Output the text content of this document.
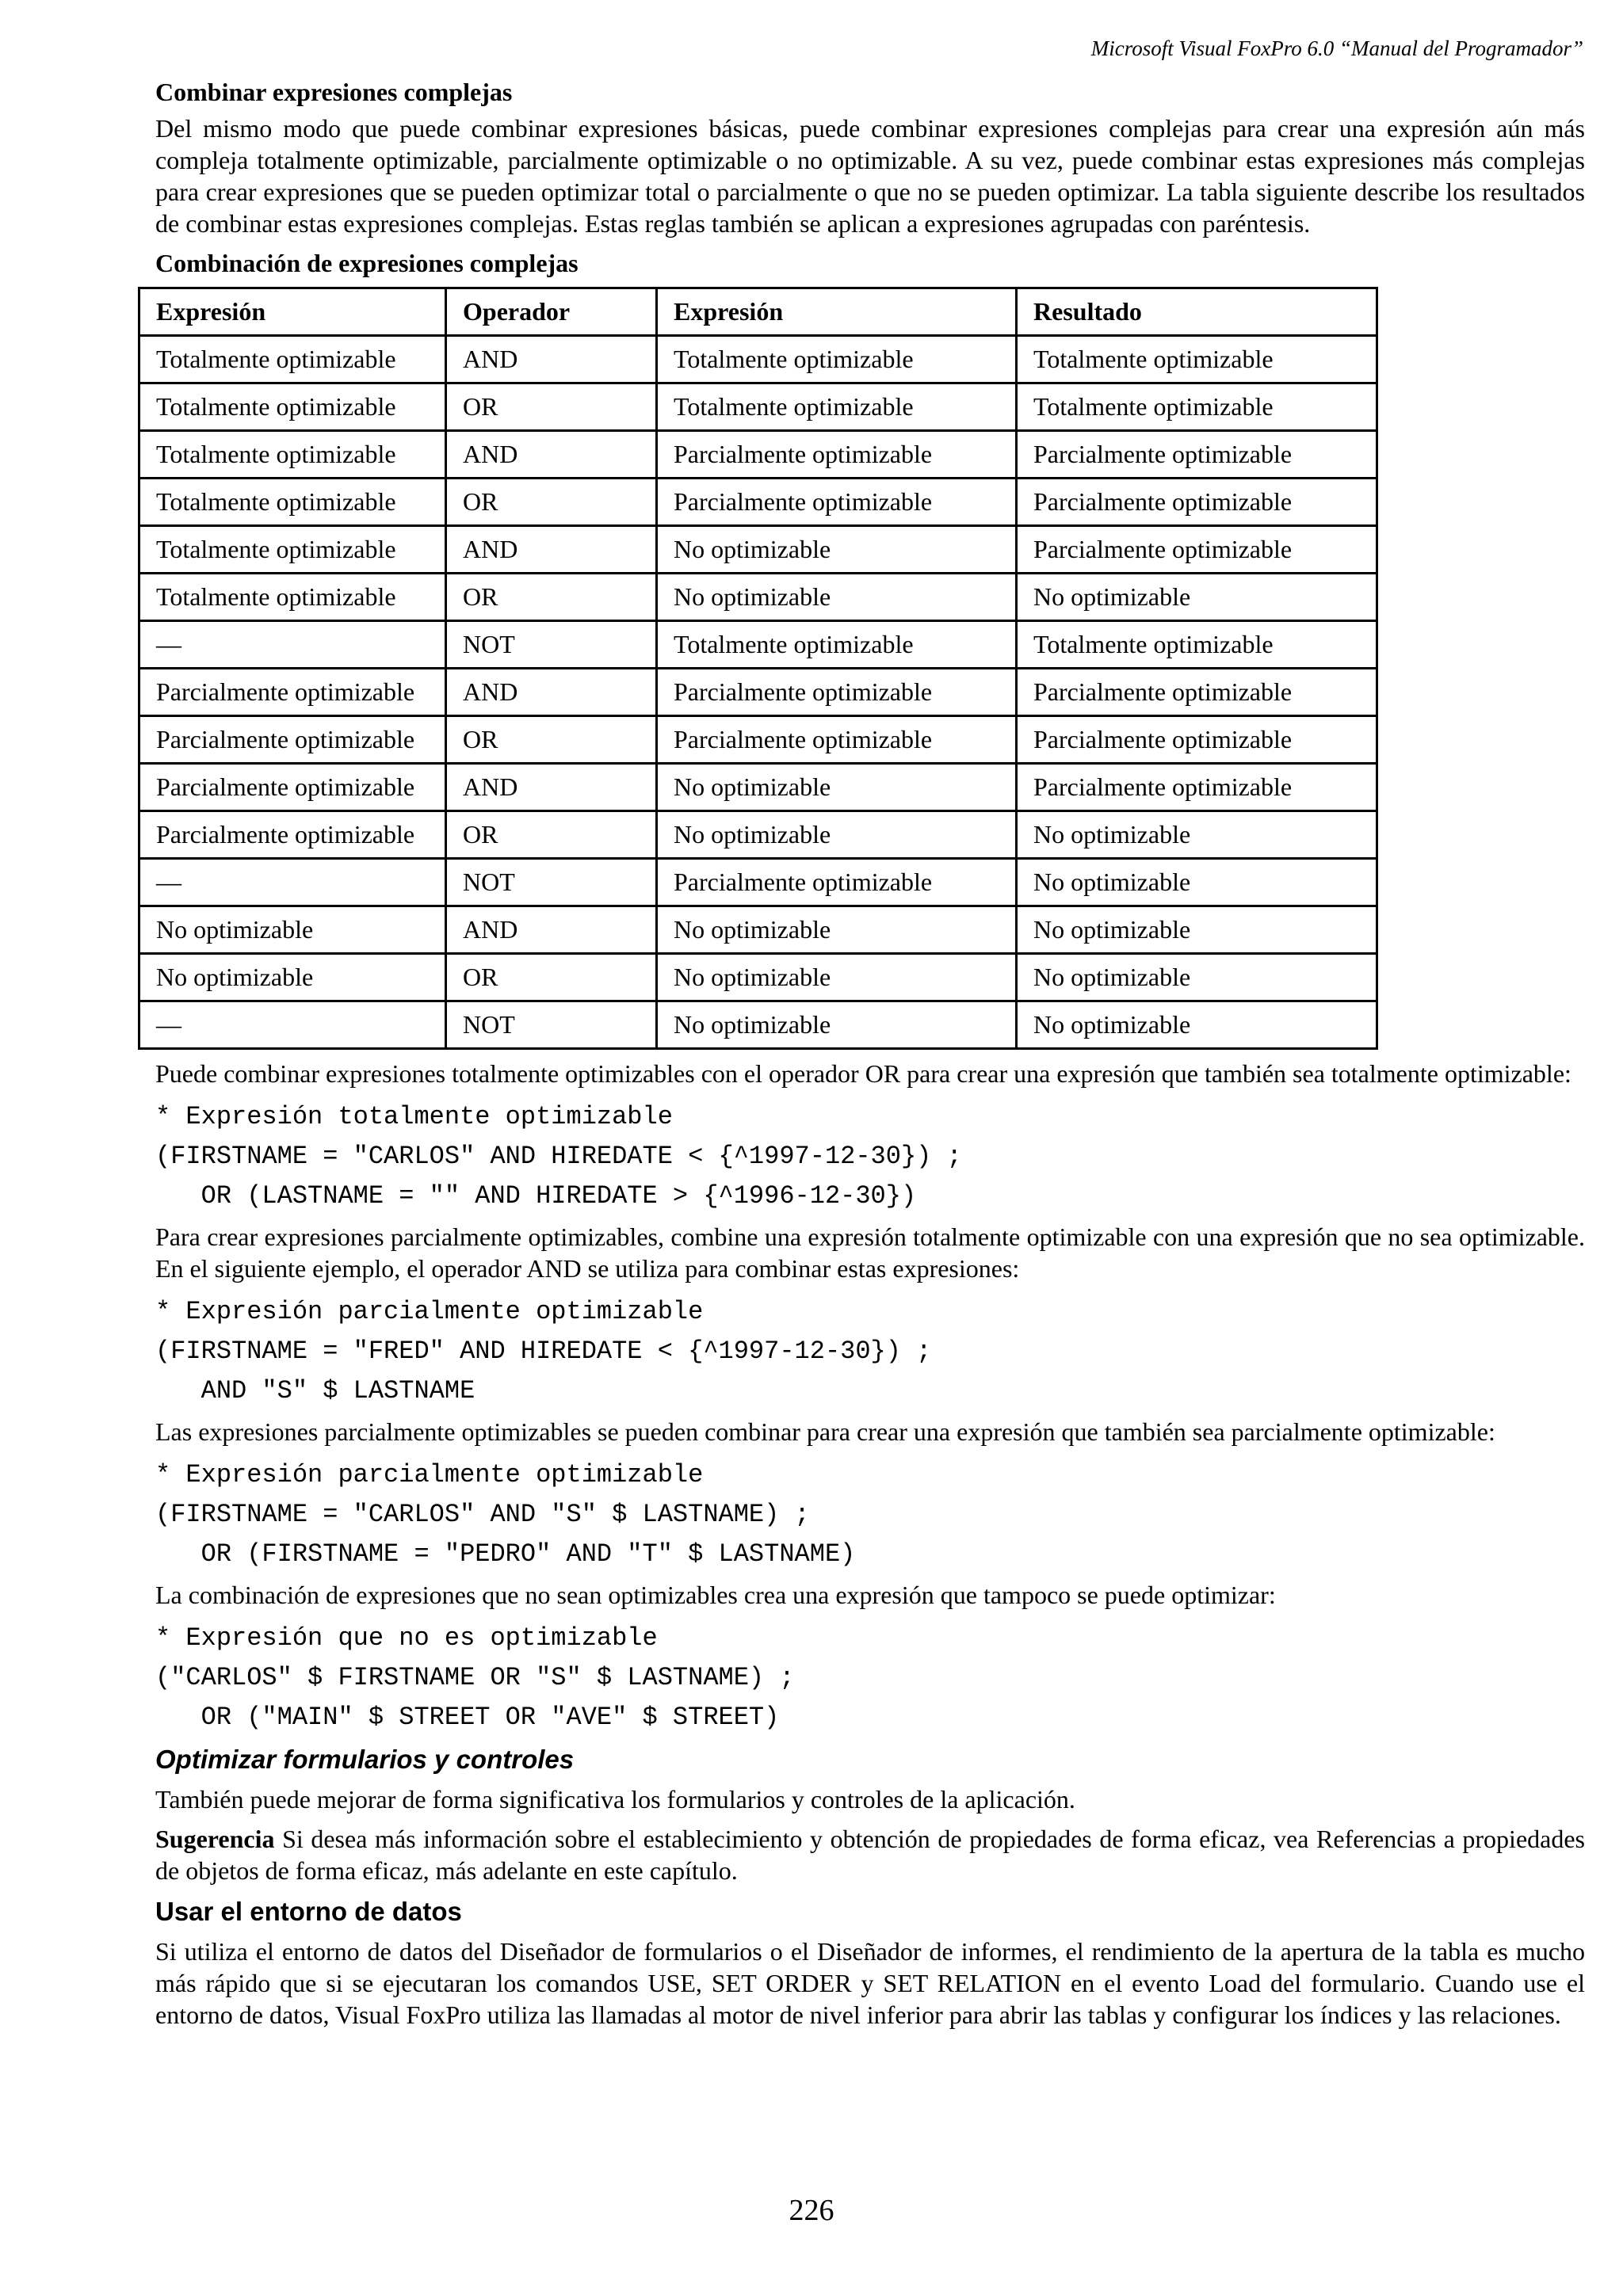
Microsoft Visual FoxPro 6.0 “Manual del Programador”
Combinar expresiones complejas

Del mismo modo que puede combinar expresiones básicas, puede combinar expresiones complejas para crear una expresión aún más compleja totalmente optimizable, parcialmente optimizable o no optimizable. A su vez, puede combinar estas expresiones más complejas para crear expresiones que se pueden optimizar total o parcialmente o que no se pueden optimizar. La tabla siguiente describe los resultados de combinar estas expresiones complejas. Estas reglas también se aplican a expresiones agrupadas con paréntesis.

Combinación de expresiones complejas
Expresión	Operador	Expresión	Resultado
Totalmente optimizable	AND	Totalmente optimizable	Totalmente optimizable
Totalmente optimizable	OR	Totalmente optimizable	Totalmente optimizable
Totalmente optimizable	AND	Parcialmente optimizable	Parcialmente optimizable
Totalmente optimizable	OR	Parcialmente optimizable	Parcialmente optimizable
Totalmente optimizable	AND	No optimizable	Parcialmente optimizable
Totalmente optimizable	OR	No optimizable	No optimizable
—	NOT	Totalmente optimizable	Totalmente optimizable
Parcialmente optimizable	AND	Parcialmente optimizable	Parcialmente optimizable
Parcialmente optimizable	OR	Parcialmente optimizable	Parcialmente optimizable
Parcialmente optimizable	AND	No optimizable	Parcialmente optimizable
Parcialmente optimizable	OR	No optimizable	No optimizable
—	NOT	Parcialmente optimizable	No optimizable
No optimizable	AND	No optimizable	No optimizable
No optimizable	OR	No optimizable	No optimizable
—	NOT	No optimizable	No optimizable

Puede combinar expresiones totalmente optimizables con el operador OR para crear una expresión que también sea totalmente optimizable:

* Expresión totalmente optimizable
(FIRSTNAME = "CARLOS" AND HIREDATE < {^1997-12-30}) ;
OR (LASTNAME = "" AND HIREDATE > {^1996-12-30})

Para crear expresiones parcialmente optimizables, combine una expresión totalmente optimizable con una expresión que no sea optimizable. En el siguiente ejemplo, el operador AND se utiliza para combinar estas expresiones:

* Expresión parcialmente optimizable
(FIRSTNAME = "FRED" AND HIREDATE < {^1997-12-30}) ;
AND "S" $ LASTNAME

Las expresiones parcialmente optimizables se pueden combinar para crear una expresión que también sea parcialmente optimizable:

* Expresión parcialmente optimizable
(FIRSTNAME = "CARLOS" AND "S" $ LASTNAME) ;
OR (FIRSTNAME = "PEDRO" AND "T" $ LASTNAME)

La combinación de expresiones que no sean optimizables crea una expresión que tampoco se puede optimizar:

* Expresión que no es optimizable
("CARLOS" $ FIRSTNAME OR "S" $ LASTNAME) ;
OR ("MAIN" $ STREET OR "AVE" $ STREET)
Optimizar formularios y controles

También puede mejorar de forma significativa los formularios y controles de la aplicación.

Sugerencia Si desea más información sobre el establecimiento y obtención de propiedades de forma eficaz, vea Referencias a propiedades de objetos de forma eficaz, más adelante en este capítulo.

Usar el entorno de datos

Si utiliza el entorno de datos del Diseñador de formularios o el Diseñador de informes, el rendimiento de la apertura de la tabla es mucho más rápido que si se ejecutaran los comandos USE, SET ORDER y SET RELATION en el evento Load del formulario. Cuando use el entorno de datos, Visual FoxPro utiliza las llamadas al motor de nivel inferior para abrir las tablas y configurar los índices y las relaciones.

226
